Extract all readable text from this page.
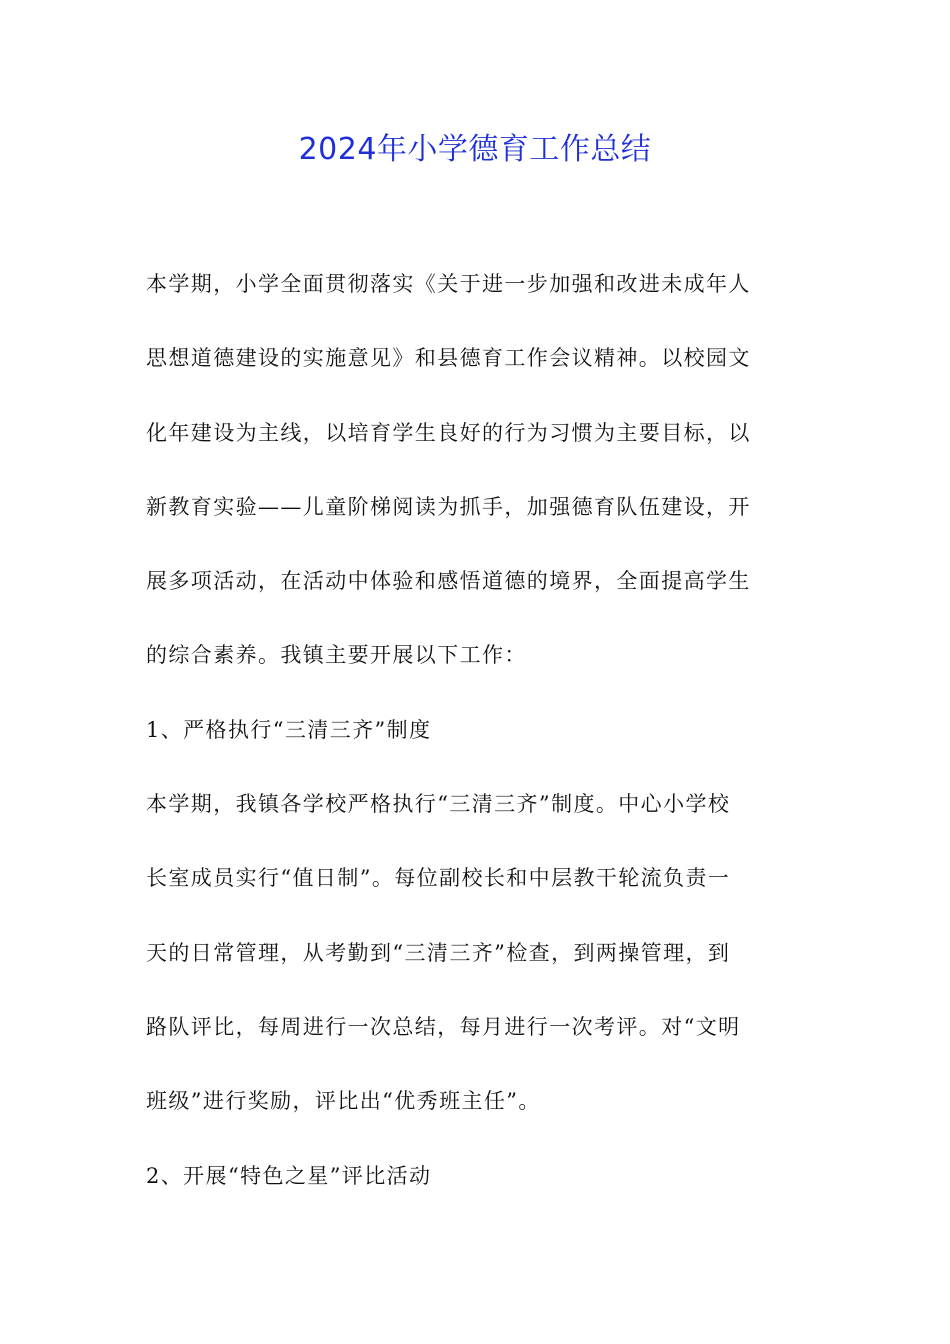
2024年小学德育工作总结
本学期，小学全面贯彻落实《关于进一步加强和改进未成年人
思想道德建设的实施意见》和县德育工作会议精神。以校园文
化年建设为主线，以培育学生良好的行为习惯为主要目标，以
新教育实验——儿童阶梯阅读为抓手，加强德育队伍建设，开
展多项活动，在活动中体验和感悟道德的境界，全面提高学生
的综合素养。我镇主要开展以下工作：
1、严格执行“三清三齐”制度
本学期，我镇各学校严格执行“三清三齐”制度。中心小学校
长室成员实行“值日制”。每位副校长和中层教干轮流负责一
天的日常管理，从考勤到“三清三齐”检查，到两操管理，到
路队评比，每周进行一次总结，每月进行一次考评。对“文明
班级”进行奖励，评比出“优秀班主任”。
2、开展“特色之星”评比活动
